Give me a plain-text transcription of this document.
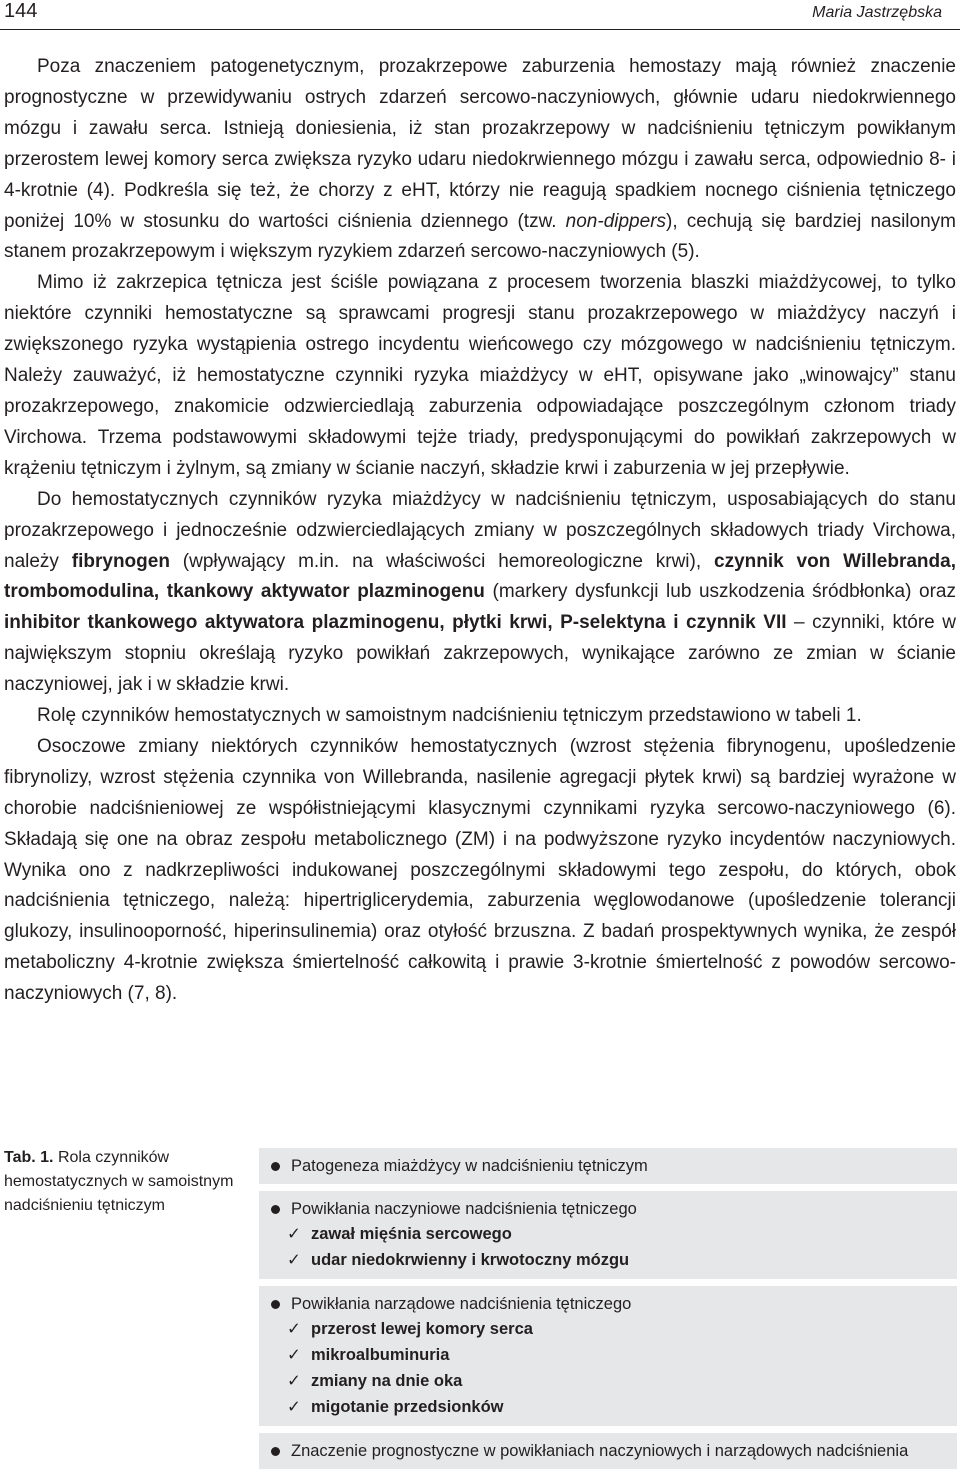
144	Maria Jastrzębska

Poza znaczeniem patogenetycznym, prozakrzepowe zaburzenia hemostazy mają również znaczenie prognostyczne w przewidywaniu ostrych zdarzeń sercowo-naczyniowych, głównie udaru niedokrwiennego mózgu i zawału serca. Istnieją doniesienia, iż stan prozakrzepowy w nadciśnieniu tętniczym powikłanym przerostem lewej komory serca zwiększa ryzyko udaru niedokrwiennego mózgu i zawału serca, odpowiednio 8- i 4-krotnie (4). Podkreśla się też, że chorzy z eHT, którzy nie reagują spadkiem nocnego ciśnienia tętniczego poniżej 10% w stosunku do wartości ciśnienia dziennego (tzw. non-dippers), cechują się bardziej nasilonym stanem prozakrzepowym i większym ryzykiem zdarzeń sercowo-naczyniowych (5).

Mimo iż zakrzepica tętnicza jest ściśle powiązana z procesem tworzenia blaszki miażdżycowej, to tylko niektóre czynniki hemostatyczne są sprawcami progresji stanu prozakrzepowego w miażdżycy naczyń i zwiększonego ryzyka wystąpienia ostrego incydentu wieńcowego czy mózgowego w nadciśnieniu tętniczym. Należy zauważyć, iż hemostatyczne czynniki ryzyka miażdżycy w eHT, opisywane jako „winowajcy” stanu prozakrzepowego, znakomicie odzwierciedlają zaburzenia odpowiadające poszczególnym członom triady Virchowa. Trzema podstawowymi składowymi tejże triady, predysponującymi do powikłań zakrzepowych w krążeniu tętniczym i żylnym, są zmiany w ścianie naczyń, składzie krwi i zaburzenia w jej przepływie.

Do hemostatycznych czynników ryzyka miażdżycy w nadciśnieniu tętniczym, usposabiających do stanu prozakrzepowego i jednocześnie odzwierciedlających zmiany w poszczególnych składowych triady Virchowa, należy fibrynogen (wpływający m.in. na właściwości hemoreologiczne krwi), czynnik von Willebranda, trombomodulina, tkankowy aktywator plazminogenu (markery dysfunkcji lub uszkodzenia śródbłonka) oraz inhibitor tkankowego aktywatora plazminogenu, płytki krwi, P-selektyna i czynnik VII – czynniki, które w największym stopniu określają ryzyko powikłań zakrzepowych, wynikające zarówno ze zmian w ścianie naczyniowej, jak i w składzie krwi.

Rolę czynników hemostatycznych w samoistnym nadciśnieniu tętniczym przedstawiono w tabeli 1.

Osoczowe zmiany niektórych czynników hemostatycznych (wzrost stężenia fibrynogenu, upośledzenie fibrynolizy, wzrost stężenia czynnika von Willebranda, nasilenie agregacji płytek krwi) są bardziej wyrażone w chorobie nadciśnieniowej ze współistniejącymi klasycznymi czynnikami ryzyka sercowo-naczyniowego (6). Składają się one na obraz zespołu metabolicznego (ZM) i na podwyższone ryzyko incydentów naczyniowych. Wynika ono z nadkrzepliwości indukowanej poszczególnymi składowymi tego zespołu, do których, obok nadciśnienia tętniczego, należą: hipertriglicerydemia, zaburzenia węglowodanowe (upośledzenie tolerancji glukozy, insulinooporność, hiperinsulinemia) oraz otyłość brzuszna. Z badań prospektywnych wynika, że zespół metaboliczny 4-krotnie zwiększa śmiertelność całkowitą i prawie 3-krotnie śmiertelność z powodów sercowo-naczyniowych (7, 8).

Tab. 1. Rola czynników hemostatycznych w samoistnym nadciśnieniu tętniczym
Patogeneza miażdżycy w nadciśnieniu tętniczym
Powikłania naczyniowe nadciśnienia tętniczego
✓ zawał mięśnia sercowego
✓ udar niedokrwienny i krwotoczny mózgu
Powikłania narządowe nadciśnienia tętniczego
✓ przerost lewej komory serca
✓ mikroalbuminuria
✓ zmiany na dnie oka
✓ migotanie przedsionków
Znaczenie prognostyczne w powikłaniach naczyniowych i narządowych nadciśnienia
